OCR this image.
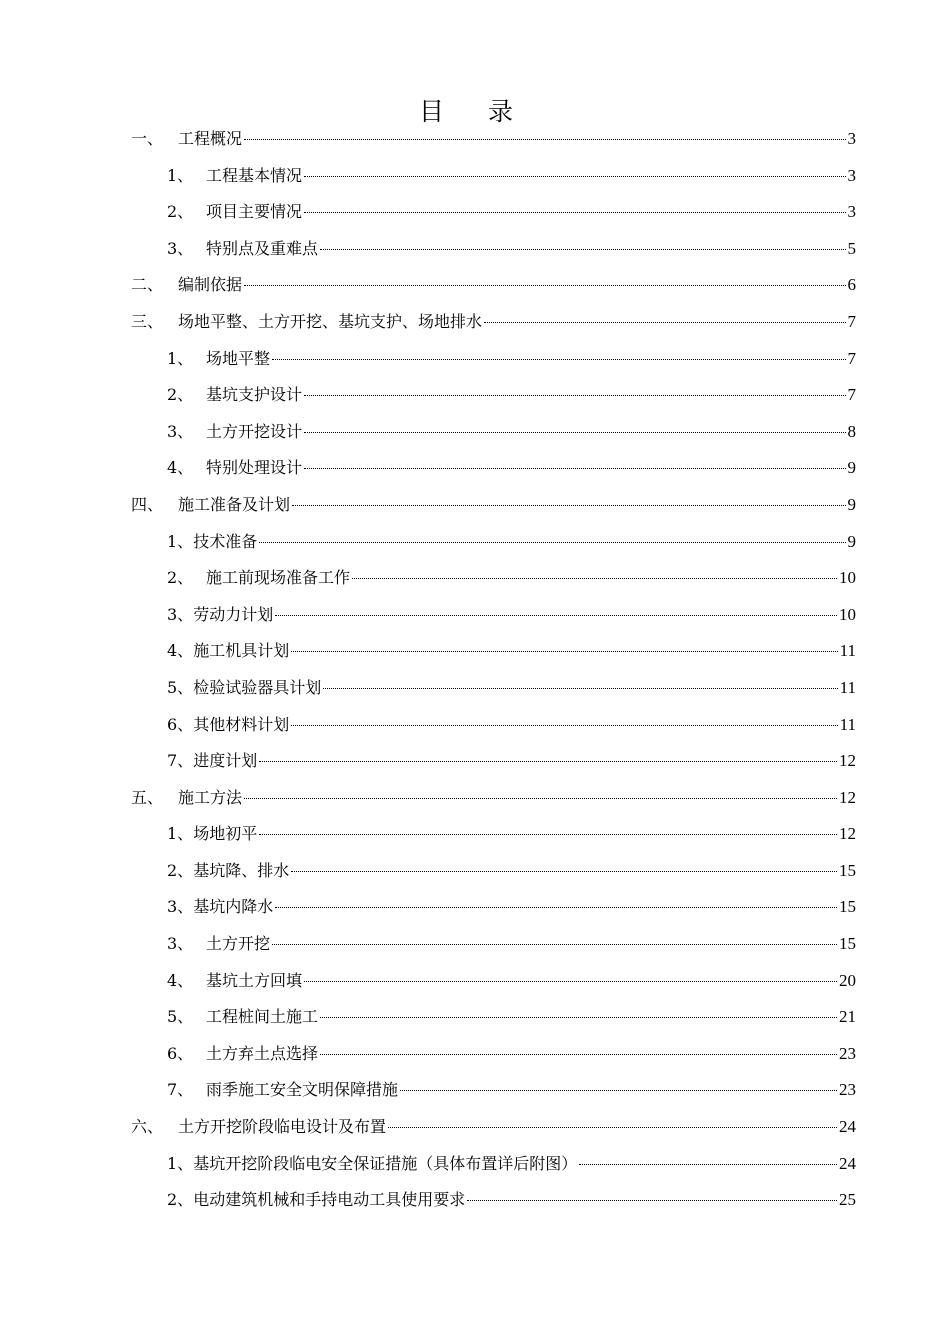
目 录
一、 工程概况	3
1、 工程基本情况	3
2、 项目主要情况	3
3、 特别点及重难点	5
二、 编制依据	6
三、 场地平整、土方开挖、基坑支护、场地排水	7
1、 场地平整	7
2、 基坑支护设计	7
3、 土方开挖设计	8
4、 特别处理设计	9
四、 施工准备及计划	9
1、 技术准备	9
2、 施工前现场准备工作	10
3、 劳动力计划	10
4、 施工机具计划	11
5、 检验试验器具计划	11
6、 其他材料计划	11
7、 进度计划	12
五、 施工方法	12
1、 场地初平	12
2、 基坑降、排水	15
3、 基坑内降水	15
3、 土方开挖	15
4、 基坑土方回填	20
5、 工程桩间土施工	21
6、 土方弃土点选择	23
7、 雨季施工安全文明保障措施	23
六、 土方开挖阶段临电设计及布置	24
1、 基坑开挖阶段临电安全保证措施（具体布置详后附图）	24
2、 电动建筑机械和手持电动工具使用要求	25
